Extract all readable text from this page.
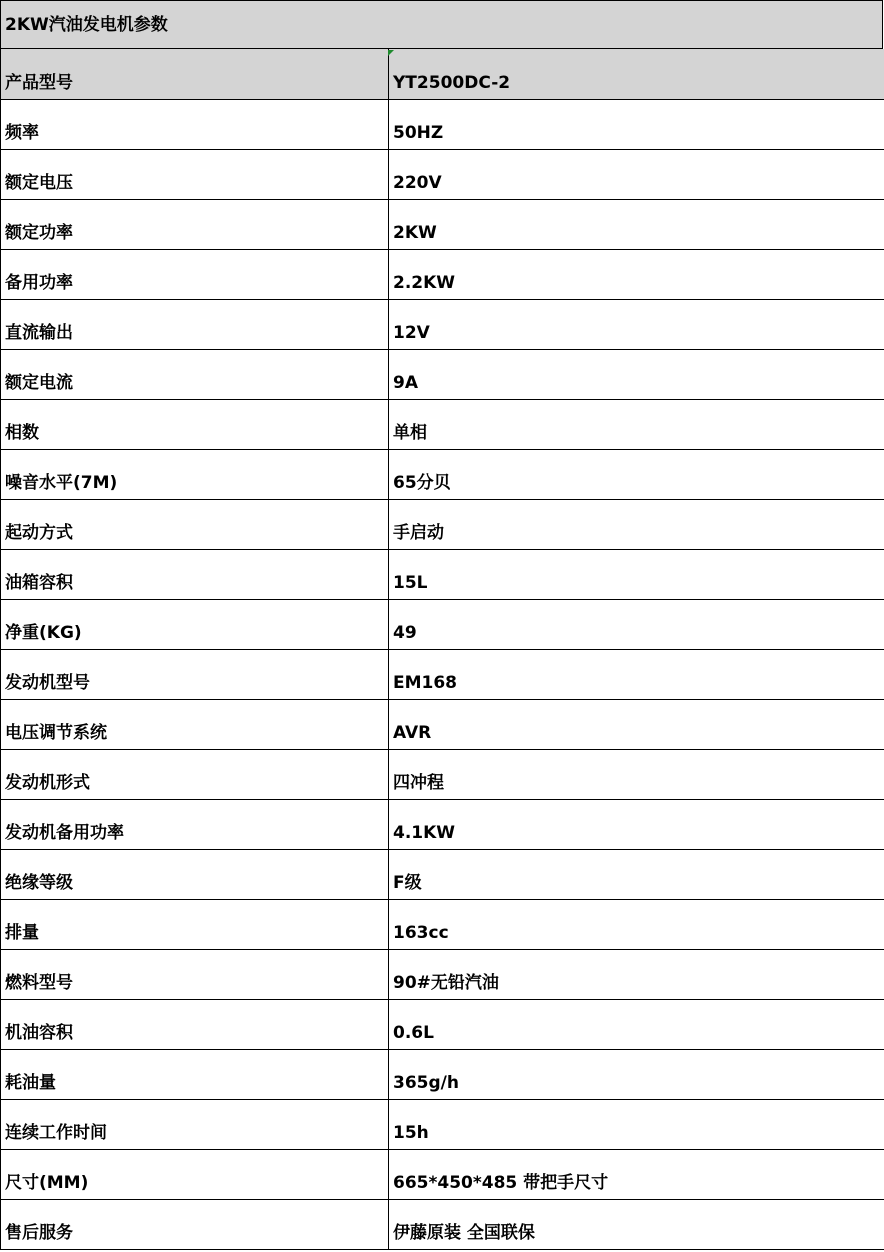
2KW汽油发电机参数
产品型号	YT2500DC-2

频率	50HZ

额定电压	220V

额定功率	2KW

备用功率	2.2KW

直流输出	12V

额定电流	9A

相数	单相

噪音水平(7M)	65分贝

起动方式	手启动

油箱容积	15L

净重(KG)	49

发动机型号	EM168

电压调节系统	AVR

发动机形式	四冲程

发动机备用功率	4.1KW

绝缘等级	F级

排量	163cc

燃料型号	90#无铅汽油

机油容积	0.6L

耗油量	365g/h

连续工作时间	15h

尺寸(MM)	665*450*485 带把手尺寸

售后服务	伊藤原装 全国联保
